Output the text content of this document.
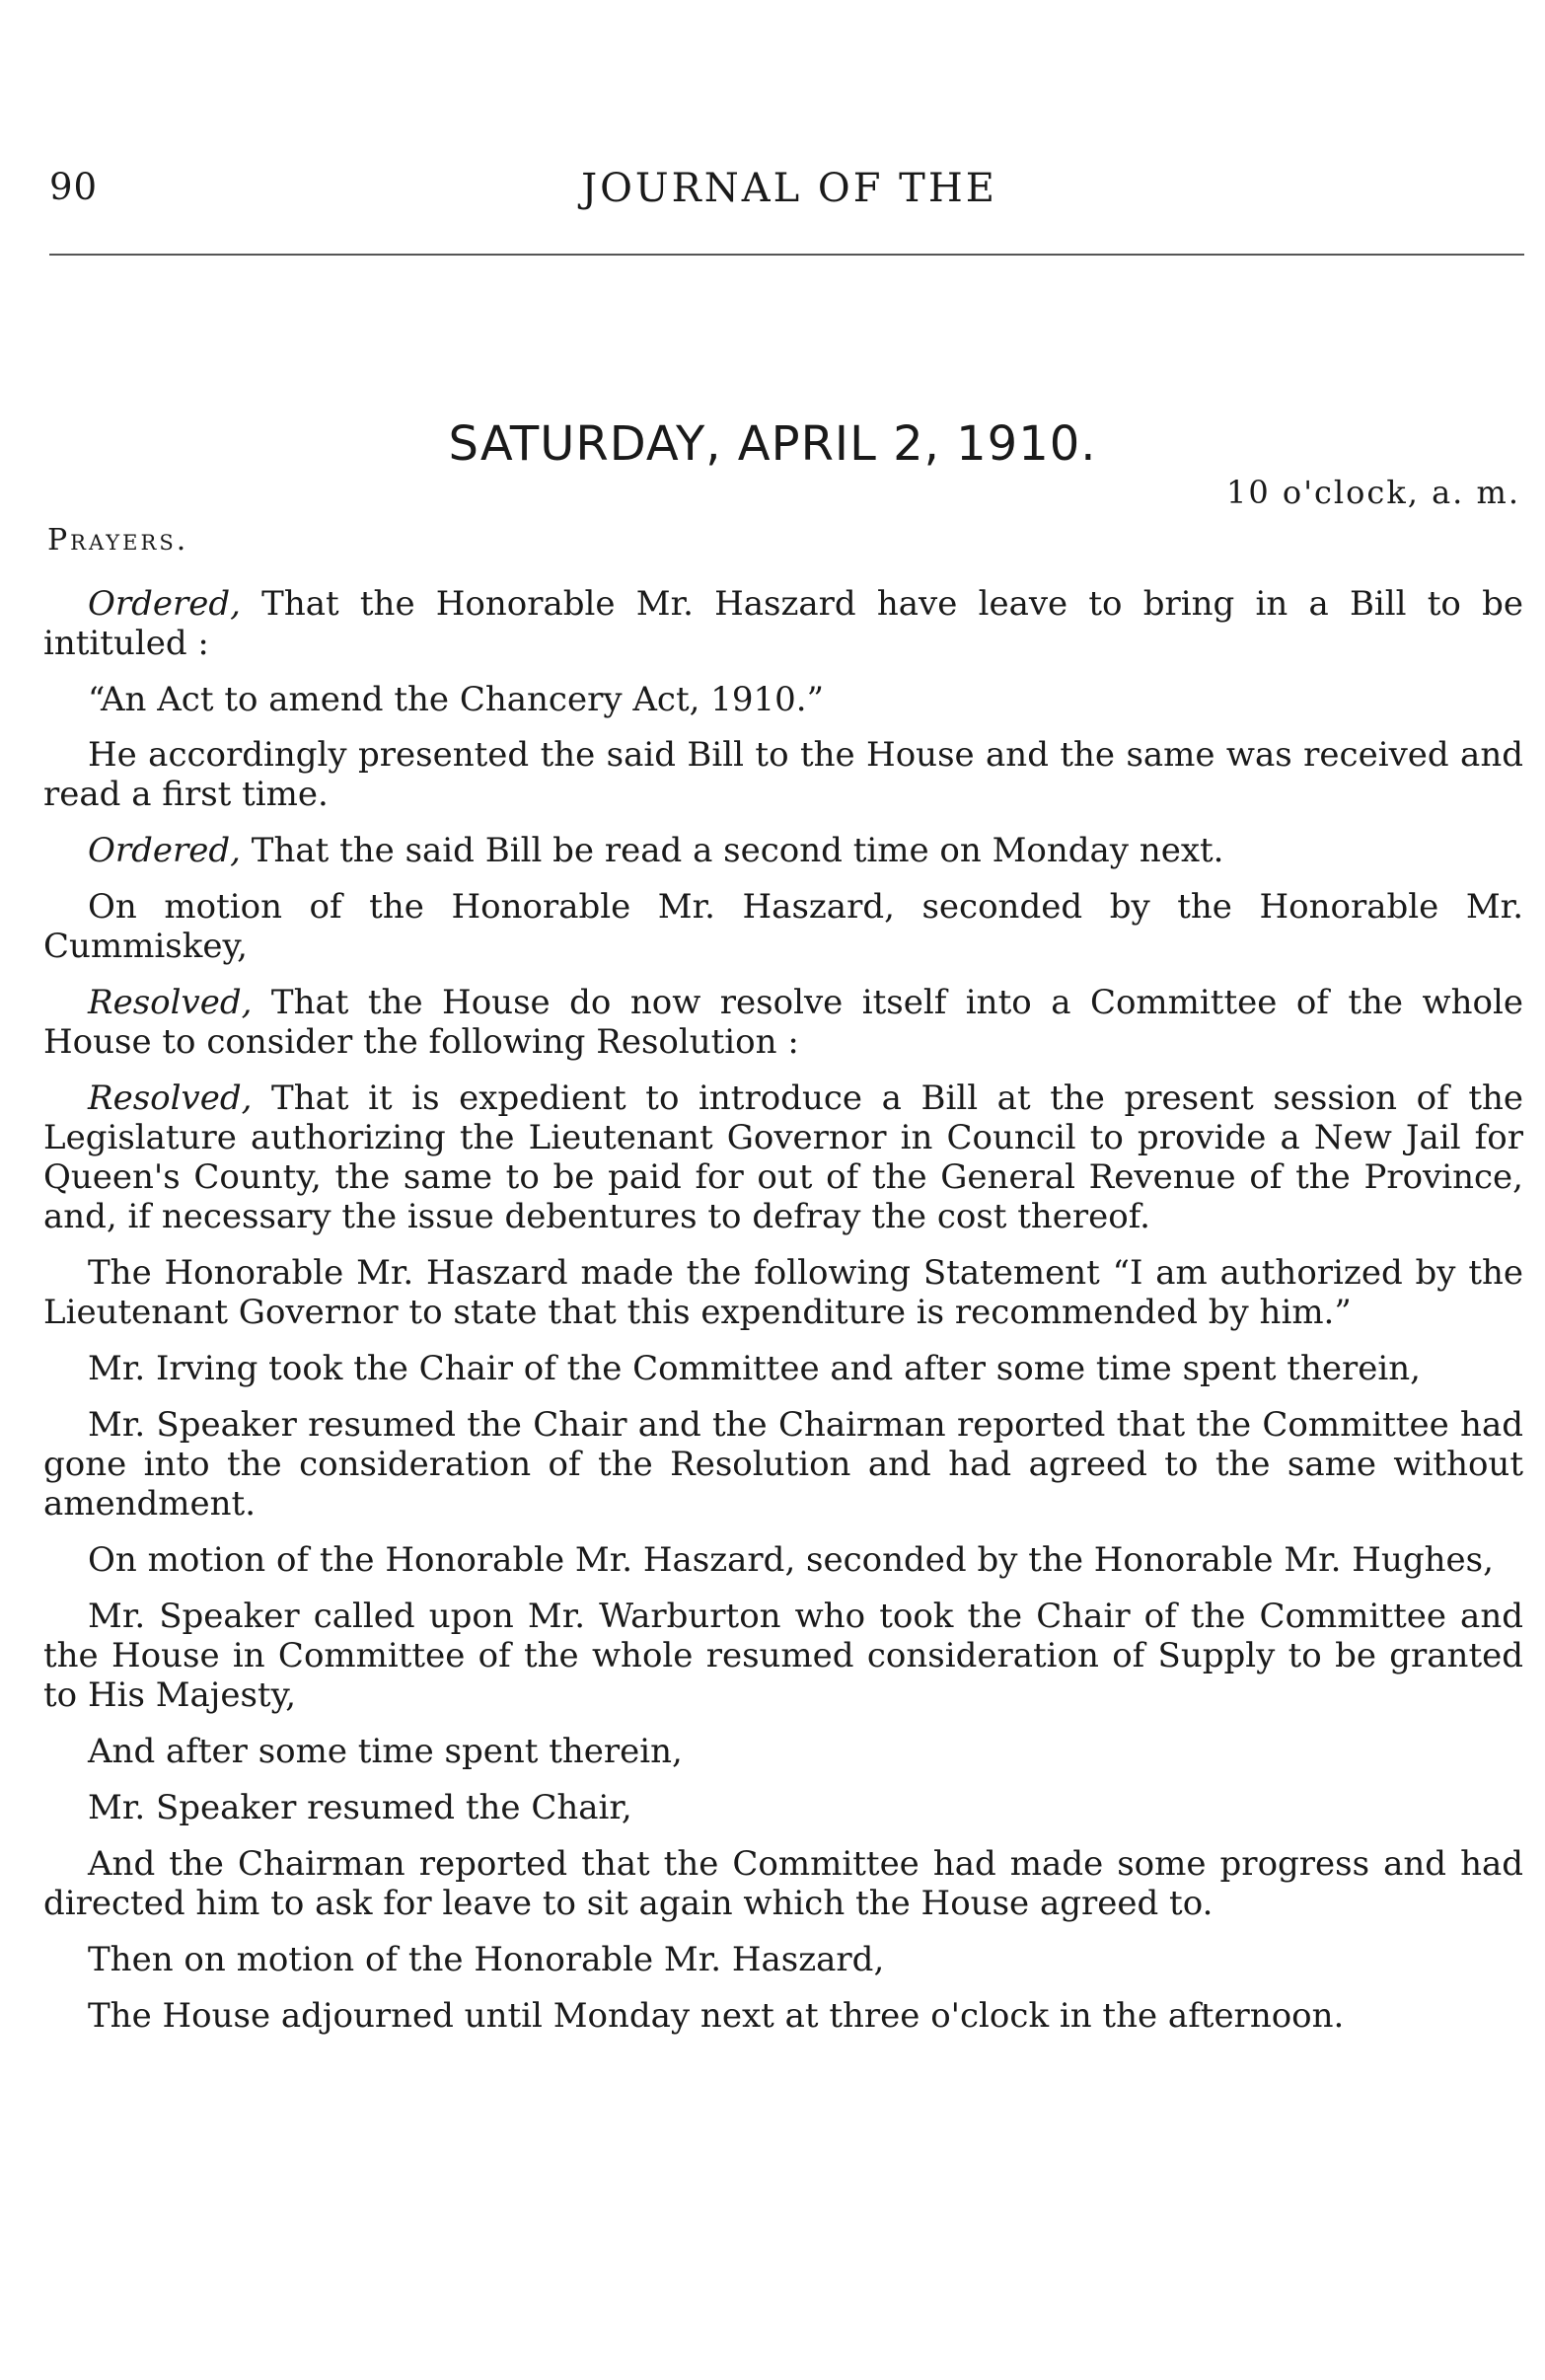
90	JOURNAL OF THE
SATURDAY, APRIL 2, 1910.
10 o'clock, a. m.
Prayers.

Ordered, That the Honorable Mr. Haszard have leave to bring in a Bill to be intituled :

“An Act to amend the Chancery Act, 1910.”

He accordingly presented the said Bill to the House and the same was received and read a first time.

Ordered, That the said Bill be read a second time on Monday next.

On motion of the Honorable Mr. Haszard, seconded by the Honorable Mr. Cummiskey,

Resolved, That the House do now resolve itself into a Committee of the whole House to consider the following Resolution :

Resolved, That it is expedient to introduce a Bill at the present session of the Legislature authorizing the Lieutenant Governor in Council to provide a New Jail for Queen's County, the same to be paid for out of the General Revenue of the Province, and, if necessary the issue debentures to defray the cost thereof.

The Honorable Mr. Haszard made the following Statement “I am authorized by the Lieutenant Governor to state that this expenditure is recommended by him.”

Mr. Irving took the Chair of the Committee and after some time spent therein,

Mr. Speaker resumed the Chair and the Chairman reported that the Committee had gone into the consideration of the Resolution and had agreed to the same without amendment.

On motion of the Honorable Mr. Haszard, seconded by the Honorable Mr. Hughes,

Mr. Speaker called upon Mr. Warburton who took the Chair of the Committee and the House in Committee of the whole resumed consideration of Supply to be granted to His Majesty,

And after some time spent therein,

Mr. Speaker resumed the Chair,

And the Chairman reported that the Committee had made some progress and had directed him to ask for leave to sit again which the House agreed to.

Then on motion of the Honorable Mr. Haszard,

The House adjourned until Monday next at three o'clock in the afternoon.
